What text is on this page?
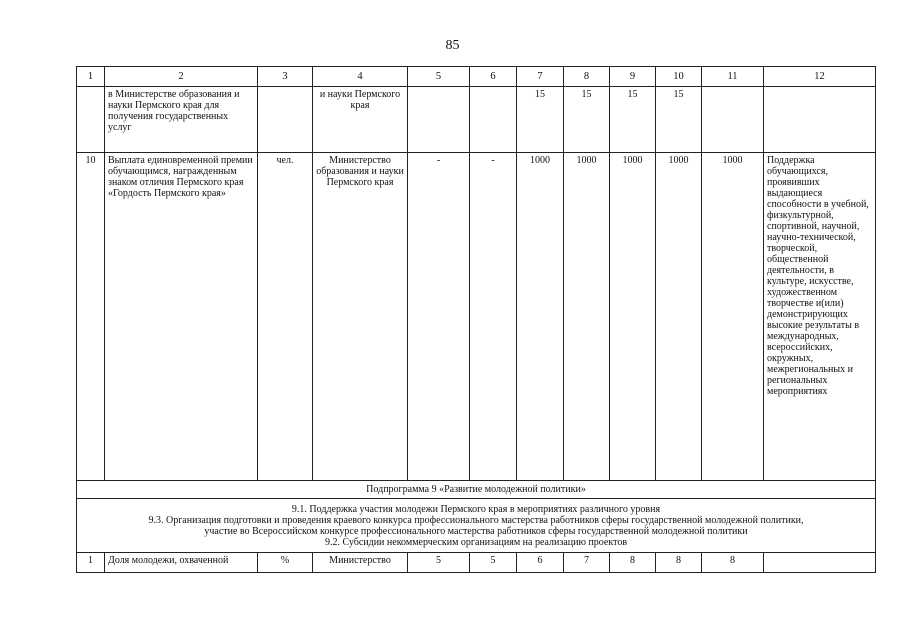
85
1	2	3	4	5	6	7	8	9	10	11	12
	в Министерстве образования и науки Пермского края для получения государственных услуг		и науки Пермского края			15	15	15	15		
10	Выплата единовременной премии обучающимся, награжденным знаком отличия Пермского края «Гордость Пермского края»	чел.	Министерство образования и науки Пермского края	-	-	1000	1000	1000	1000	1000	Поддержка обучающихся, проявивших выдающиеся способности в учебной, физкультурной, спортивной, научной, научно-технической, творческой, общественной деятельности, в культуре, искусстве, художественном творчестве и(или) демонстрирующих высокие результаты в международных, всероссийских, окружных, межрегиональных и региональных мероприятиях
Подпрограмма 9 «Развитие молодежной политики»											

9.1. Поддержка участия молодежи Пермского края в мероприятиях различного уровня
9.3. Организация подготовки и проведения краевого конкурса профессионального мастерства работников сферы государственной молодежной политики,
участие во Всероссийском конкурсе профессионального мастерства работников сферы государственной молодежной политики
9.2. Субсидии некоммерческим организациям на реализацию проектов											

1	Доля молодежи, охваченной	%	Министерство	5	5	6	7	8	8	8	
